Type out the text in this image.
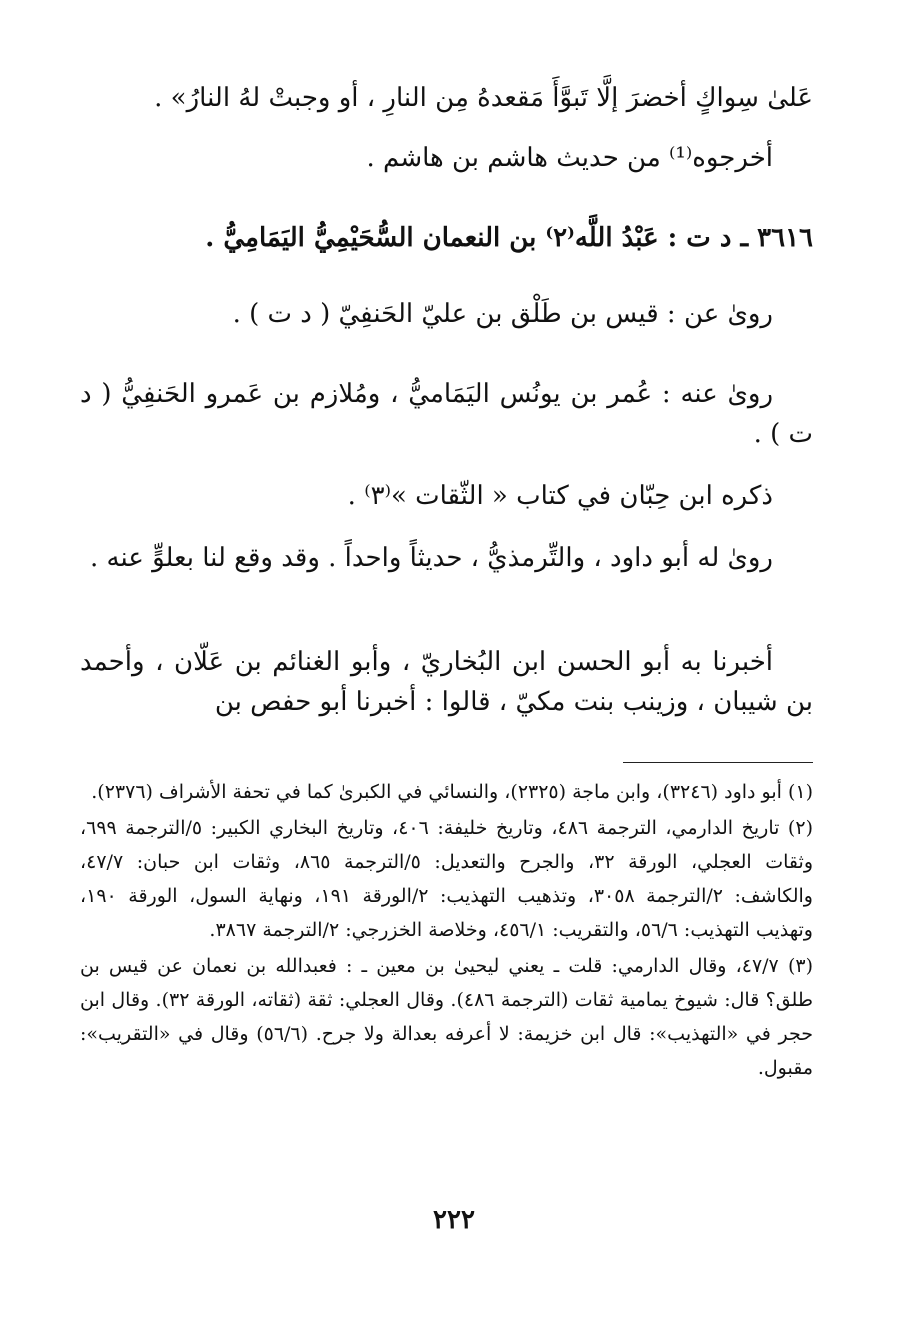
عَلىٰ سِواكٍ أخضرَ إلَّا تَبوَّأَ مَقعدهُ مِن النارِ ، أو وجبتْ لهُ النارُ» .

أخرجوه⁽¹⁾ من حديث هاشم بن هاشم .

٣٦١٦ ـ د ت : عَبْدُ اللَّه⁽٢⁾ بن النعمان السُّحَيْمِيُّ اليَمَامِيُّ .

روىٰ عن : قيس بن طَلْق بن عليّ الحَنفِيّ ( د ت ) .

روىٰ عنه : عُمر بن يونُس اليَمَاميُّ ، ومُلازم بن عَمرو الحَنفِيُّ ( د ت ) .

ذكره ابن حِبّان في كتاب « الثّقات »⁽٣⁾ .

روىٰ له أبو داود ، والتِّرمذيُّ ، حديثاً واحداً . وقد وقع لنا بعلوٍّ عنه .

أخبرنا به أبو الحسن ابن البُخاريّ ، وأبو الغنائم بن عَلّان ، وأحمد بن شيبان ، وزينب بنت مكيّ ، قالوا : أخبرنا أبو حفص بن

(١) أبو داود (٣٢٤٦)، وابن ماجة (٢٣٢٥)، والنسائي في الكبرىٰ كما في تحفة الأشراف (٢٣٧٦).

(٢) تاريخ الدارمي، الترجمة ٤٨٦، وتاريخ خليفة: ٤٠٦، وتاريخ البخاري الكبير: ٥/الترجمة ٦٩٩، وثقات العجلي، الورقة ٣٢، والجرح والتعديل: ٥/الترجمة ٨٦٥، وثقات ابن حبان: ٤٧/٧، والكاشف: ٢/الترجمة ٣٠٥٨، وتذهيب التهذيب: ٢/الورقة ١٩١، ونهاية السول، الورقة ١٩٠، وتهذيب التهذيب: ٥٦/٦، والتقريب: ٤٥٦/١، وخلاصة الخزرجي: ٢/الترجمة ٣٨٦٧.

(٣) ٤٧/٧، وقال الدارمي: قلت ـ يعني ليحيىٰ بن معين ـ : فعبدالله بن نعمان عن قيس بن طلق؟ قال: شيوخ يمامية ثقات (الترجمة ٤٨٦). وقال العجلي: ثقة (ثقاته، الورقة ٣٢). وقال ابن حجر في «التهذيب»: قال ابن خزيمة: لا أعرفه بعدالة ولا جرح. (٥٦/٦) وقال في «التقريب»: مقبول.

٢٢٢
